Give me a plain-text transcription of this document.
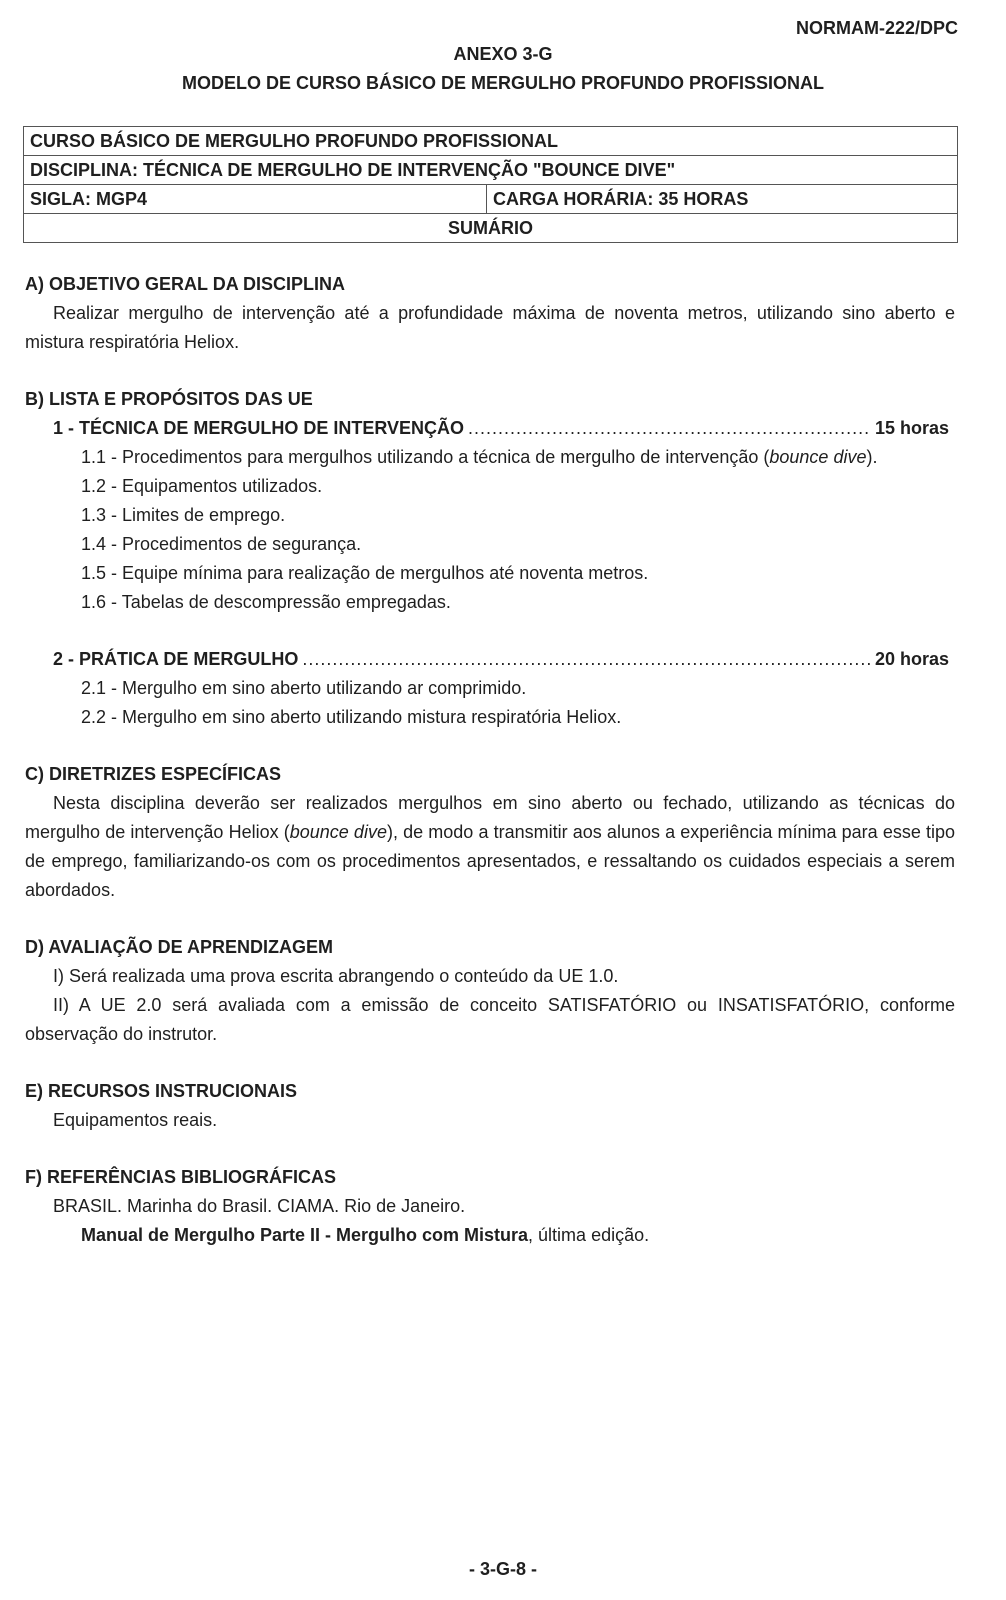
NORMAM-222/DPC
ANEXO 3-G
MODELO DE CURSO BÁSICO DE MERGULHO PROFUNDO PROFISSIONAL
CURSO BÁSICO DE MERGULHO PROFUNDO PROFISSIONAL
DISCIPLINA: TÉCNICA DE MERGULHO DE INTERVENÇÃO "BOUNCE DIVE"
SIGLA: MGP4	CARGA HORÁRIA: 35 HORAS
SUMÁRIO

A) OBJETIVO GERAL DA DISCIPLINA

Realizar mergulho de intervenção até a profundidade máxima de noventa metros, utilizando sino aberto e mistura respiratória Heliox.

B) LISTA E PROPÓSITOS DAS UE

1 - TÉCNICA DE MERGULHO DE INTERVENÇÃO .....	15 horas

1.1 - Procedimentos para mergulhos utilizando a técnica de mergulho de intervenção (bounce dive).

1.2 - Equipamentos utilizados.

1.3 - Limites de emprego.

1.4 - Procedimentos de segurança.

1.5 - Equipe mínima para realização de mergulhos até noventa metros.

1.6 - Tabelas de descompressão empregadas.

2 - PRÁTICA DE MERGULHO .....	20 horas

2.1 - Mergulho em sino aberto utilizando ar comprimido.

2.2 - Mergulho em sino aberto utilizando mistura respiratória Heliox.

C) DIRETRIZES ESPECÍFICAS

Nesta disciplina deverão ser realizados mergulhos em sino aberto ou fechado, utilizando as técnicas do mergulho de intervenção Heliox (bounce dive), de modo a transmitir aos alunos a experiência mínima para esse tipo de emprego, familiarizando-os com os procedimentos apresentados, e ressaltando os cuidados especiais a serem abordados.

D) AVALIAÇÃO DE APRENDIZAGEM

I) Será realizada uma prova escrita abrangendo o conteúdo da UE 1.0.

II) A UE 2.0 será avaliada com a emissão de conceito SATISFATÓRIO ou INSATISFATÓRIO, conforme observação do instrutor.

E) RECURSOS INSTRUCIONAIS

Equipamentos reais.

F) REFERÊNCIAS BIBLIOGRÁFICAS

BRASIL. Marinha do Brasil. CIAMA. Rio de Janeiro.

Manual de Mergulho Parte II - Mergulho com Mistura, última edição.

- 3-G-8 -
